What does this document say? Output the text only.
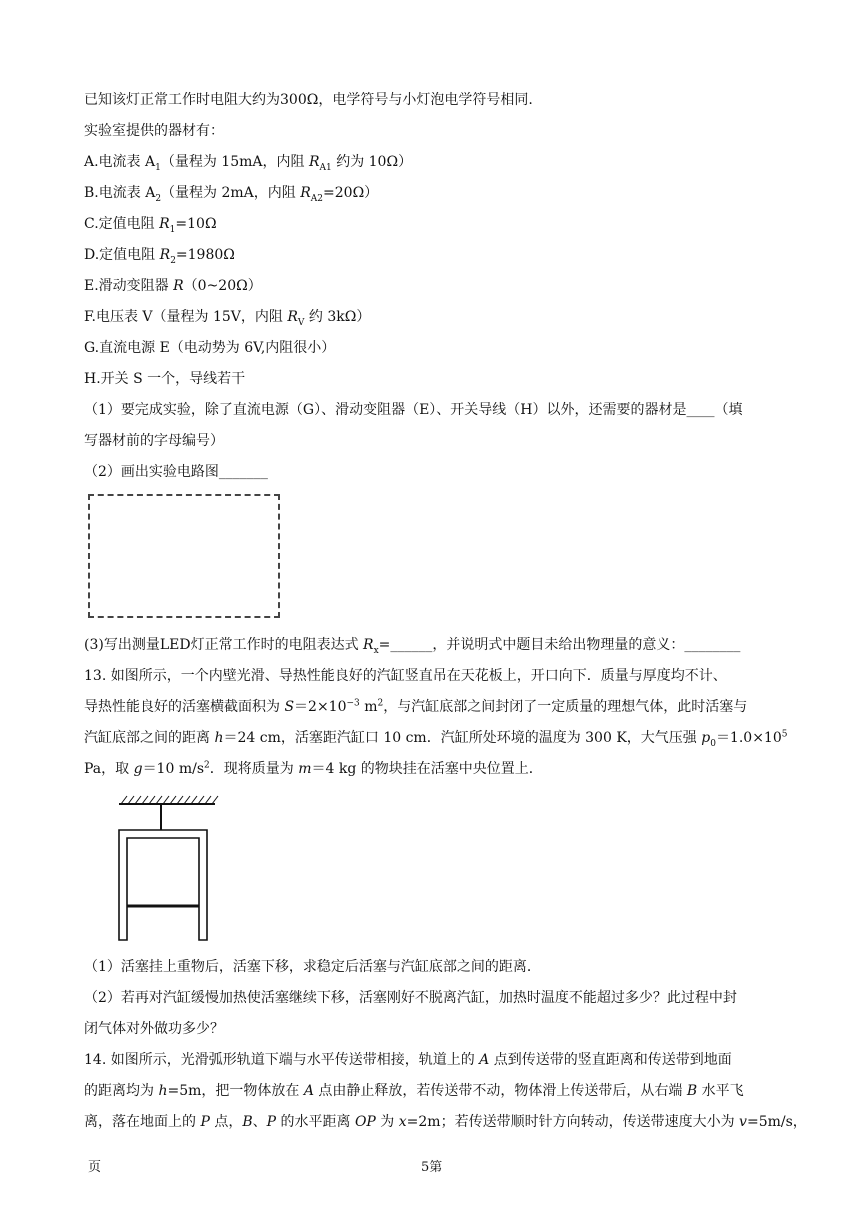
已知该灯正常工作时电阻大约为300Ω，电学符号与小灯泡电学符号相同.
实验室提供的器材有：
A.电流表 $A_1$（量程为 15mA，内阻 $R_{A1}$ 约为 10Ω）
B.电流表 $A_2$（量程为 2mA，内阻 $R_{A2}=20\Omega$）
C.定值电阻 $R_1=10\Omega$
D.定值电阻 $R_2=1980\Omega$
E.滑动变阻器 R（0~20Ω）
F.电压表 V（量程为 15V，内阻 $R_V$ 约 3kΩ）
G.直流电源 E（电动势为 6V,内阻很小）
H.开关 S 一个，导线若干
（1）要完成实验，除了直流电源（G）、滑动变阻器（E）、开关导线（H）以外，还需要的器材是____（填
写器材前的字母编号）
（2）画出实验电路图_______
(3)写出测量LED灯正常工作时的电阻表达式 $R_x=\_\_\_\_\_\_$，并说明式中题目未给出物理量的意义：________
13. 如图所示，一个内壁光滑、导热性能良好的汽缸竖直吊在天花板上，开口向下．质量与厚度均不计、
导热性能良好的活塞横截面积为 $S=2\times 10^{-3}$ $m^2$，与汽缸底部之间封闭了一定质量的理想气体，此时活塞与
汽缸底部之间的距离 h＝24 cm，活塞距汽缸口 10 cm．汽缸所处环境的温度为 300 K，大气压强 $p_0=1.0\times 10^5$
Pa，取 g＝10 $m/s^2$．现将质量为 m＝4 kg 的物块挂在活塞中央位置上．
（1）活塞挂上重物后，活塞下移，求稳定后活塞与汽缸底部之间的距离．
（2）若再对汽缸缓慢加热使活塞继续下移，活塞刚好不脱离汽缸，加热时温度不能超过多少？此过程中封
闭气体对外做功多少？
14. 如图所示，光滑弧形轨道下端与水平传送带相接，轨道上的 A 点到传送带的竖直距离和传送带到地面
的距离均为 h=5m，把一物体放在 A 点由静止释放，若传送带不动，物体滑上传送带后，从右端 B 水平飞
离，落在地面上的 P 点，B、P 的水平距离 OP 为 x=2m；若传送带顺时针方向转动，传送带速度大小为 v=5m/s，
页	5第
